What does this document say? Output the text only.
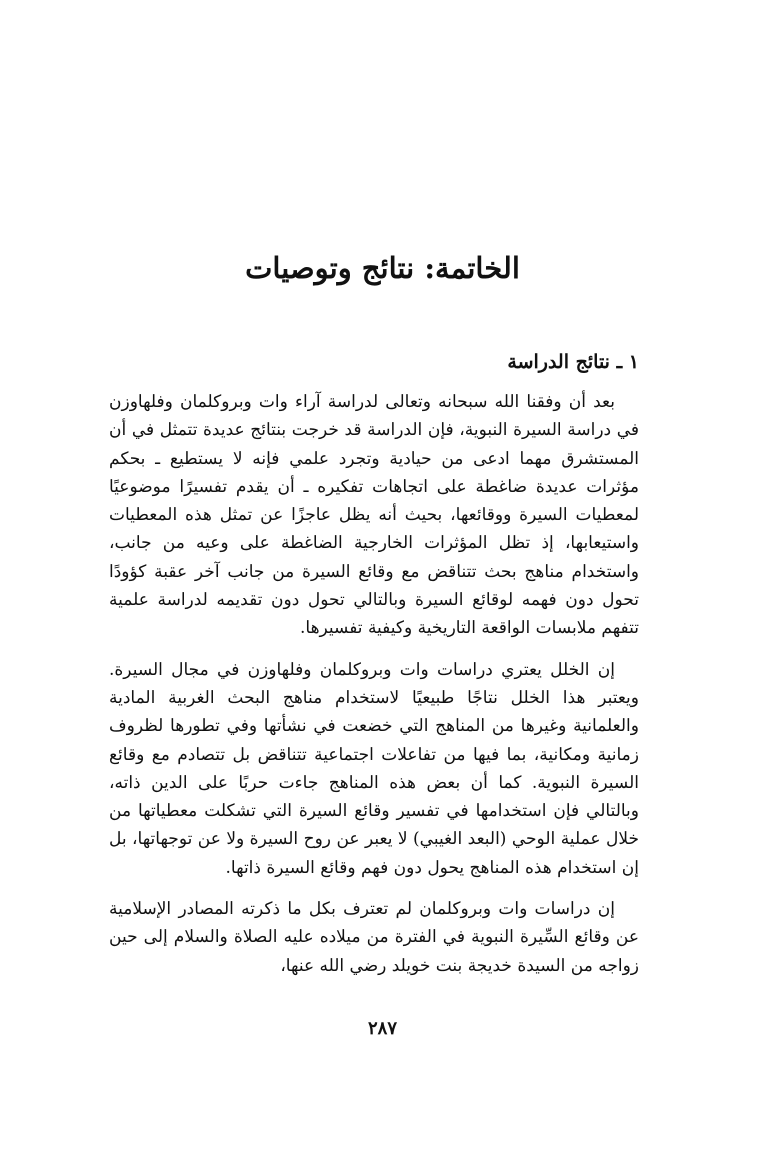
الخاتمة: نتائج وتوصيات
١ ـ نتائج الدراسة

بعد أن وفقنا الله سبحانه وتعالى لدراسة آراء وات وبروكلمان وفلهاوزن في دراسة السيرة النبوية، فإن الدراسة قد خرجت بنتائج عديدة تتمثل في أن المستشرق مهما ادعى من حيادية وتجرد علمي فإنه لا يستطيع ـ بحكم مؤثرات عديدة ضاغطة على اتجاهات تفكيره ـ أن يقدم تفسيرًا موضوعيًا لمعطيات السيرة ووقائعها، بحيث أنه يظل عاجزًا عن تمثل هذه المعطيات واستيعابها، إذ تظل المؤثرات الخارجية الضاغطة على وعيه من جانب، واستخدام مناهج بحث تتناقض مع وقائع السيرة من جانب آخر عقبة كؤودًا تحول دون فهمه لوقائع السيرة وبالتالي تحول دون تقديمه لدراسة علمية تتفهم ملابسات الواقعة التاريخية وكيفية تفسيرها.

إن الخلل يعتري دراسات وات وبروكلمان وفلهاوزن في مجال السيرة. ويعتبر هذا الخلل نتاجًا طبيعيًا لاستخدام مناهج البحث الغربية المادية والعلمانية وغيرها من المناهج التي خضعت في نشأتها وفي تطورها لظروف زمانية ومكانية، بما فيها من تفاعلات اجتماعية تتناقض بل تتصادم مع وقائع السيرة النبوية. كما أن بعض هذه المناهج جاءت حربًا على الدين ذاته، وبالتالي فإن استخدامها في تفسير وقائع السيرة التي تشكلت معطياتها من خلال عملية الوحي (البعد الغيبي) لا يعبر عن روح السيرة ولا عن توجهاتها، بل إن استخدام هذه المناهج يحول دون فهم وقائع السيرة ذاتها.

إن دراسات وات وبروكلمان لم تعترف بكل ما ذكرته المصادر الإسلامية عن وقائع السِّيرة النبوية في الفترة من ميلاده عليه الصلاة والسلام إلى حين زواجه من السيدة خديجة بنت خويلد رضي الله عنها،

٢٨٧
